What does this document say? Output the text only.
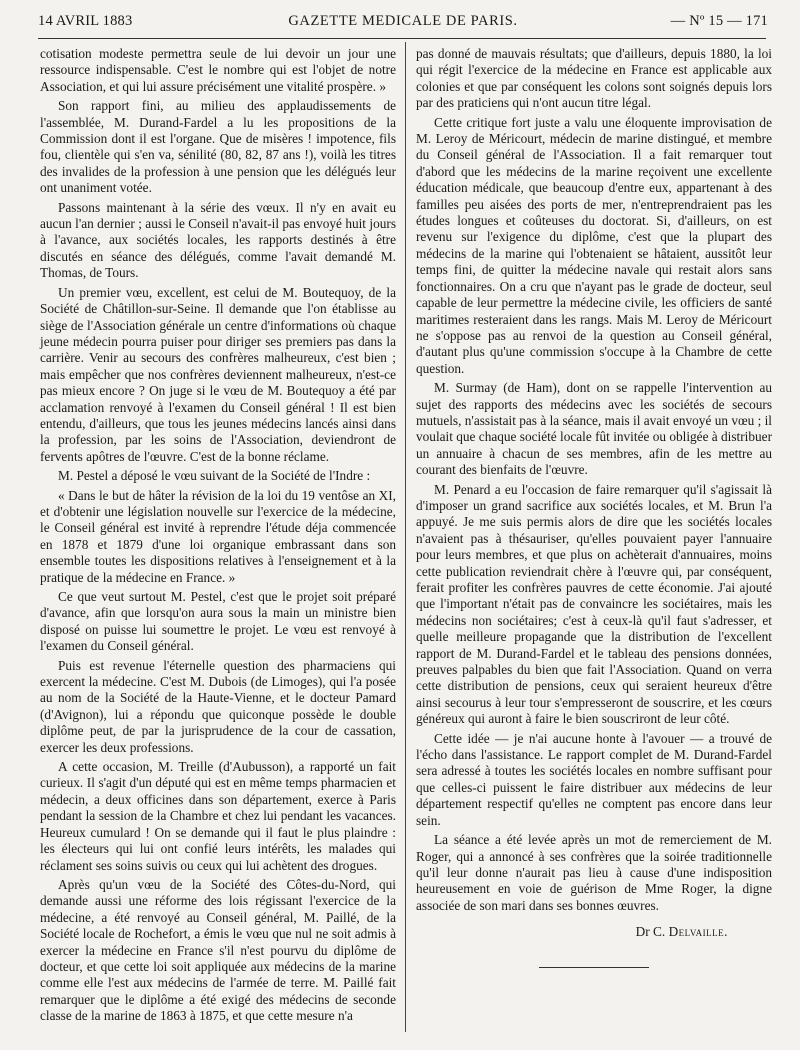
14 AVRIL 1883	GAZETTE MEDICALE DE PARIS.	— Nº 15 — 171

cotisation modeste permettra seule de lui devoir un jour une ressource indispensable. C'est le nombre qui est l'objet de notre Association, et qui lui assure précisément une vitalité prospère. »

Son rapport fini, au milieu des applaudissements de l'assemblée, M. Durand-Fardel a lu les propositions de la Commission dont il est l'organe. Que de misères ! impotence, fils fou, clientèle qui s'en va, sénilité (80, 82, 87 ans !), voilà les titres des invalides de la profession à une pension que les délégués leur ont unaniment votée.

Passons maintenant à la série des vœux. Il n'y en avait eu aucun l'an dernier ; aussi le Conseil n'avait-il pas envoyé huit jours à l'avance, aux sociétés locales, les rapports destinés à être discutés en séance des délégués, comme l'avait demandé M. Thomas, de Tours.

Un premier vœu, excellent, est celui de M. Boutequoy, de la Société de Châtillon-sur-Seine. Il demande que l'on établisse au siège de l'Association générale un centre d'informations où chaque jeune médecin pourra puiser pour diriger ses premiers pas dans la carrière. Venir au secours des confrères malheureux, c'est bien ; mais empêcher que nos confrères deviennent malheureux, n'est-ce pas mieux encore ? On juge si le vœu de M. Boutequoy a été par acclamation renvoyé à l'examen du Conseil général ! Il est bien entendu, d'ailleurs, que tous les jeunes médecins lancés ainsi dans la profession, par les soins de l'Association, deviendront de fervents apôtres de l'œuvre. C'est de la bonne réclame.

M. Pestel a déposé le vœu suivant de la Société de l'Indre :

« Dans le but de hâter la révision de la loi du 19 ventôse an XI, et d'obtenir une législation nouvelle sur l'exercice de la médecine, le Conseil général est invité à reprendre l'étude déja commencée en 1878 et 1879 d'une loi organique embrassant dans son ensemble toutes les dispositions relatives à l'enseignement et à la pratique de la médecine en France. »

Ce que veut surtout M. Pestel, c'est que le projet soit préparé d'avance, afin que lorsqu'on aura sous la main un ministre bien disposé on puisse lui soumettre le projet. Le vœu est renvoyé à l'examen du Conseil général.

Puis est revenue l'éternelle question des pharmaciens qui exercent la médecine. C'est M. Dubois (de Limoges), qui l'a posée au nom de la Société de la Haute-Vienne, et le docteur Pamard (d'Avignon), lui a répondu que quiconque possède le double diplôme peut, de par la jurisprudence de la cour de cassation, exercer les deux professions.

A cette occasion, M. Treille (d'Aubusson), a rapporté un fait curieux. Il s'agit d'un député qui est en même temps pharmacien et médecin, a deux officines dans son département, exerce à Paris pendant la session de la Chambre et chez lui pendant les vacances. Heureux cumulard ! On se demande qui il faut le plus plaindre : les électeurs qui lui ont confié leurs intérêts, les malades qui réclament ses soins suivis ou ceux qui lui achètent des drogues.

Après qu'un vœu de la Société des Côtes-du-Nord, qui demande aussi une réforme des lois régissant l'exercice de la médecine, a été renvoyé au Conseil général, M. Paillé, de la Société locale de Rochefort, a émis le vœu que nul ne soit admis à exercer la médecine en France s'il n'est pourvu du diplôme de docteur, et que cette loi soit appliquée aux médecins de la marine comme elle l'est aux médecins de l'armée de terre. M. Paillé fait remarquer que le diplôme a été exigé des médecins de seconde classe de la marine de 1863 à 1875, et que cette mesure n'a

pas donné de mauvais résultats; que d'ailleurs, depuis 1880, la loi qui régit l'exercice de la médecine en France est applicable aux colonies et que par conséquent les colons sont soignés depuis lors par des praticiens qui n'ont aucun titre légal.

Cette critique fort juste a valu une éloquente improvisation de M. Leroy de Méricourt, médecin de marine distingué, et membre du Conseil général de l'Association. Il a fait remarquer tout d'abord que les médecins de la marine reçoivent une excellente éducation médicale, que beaucoup d'entre eux, appartenant à des familles peu aisées des ports de mer, n'entreprendraient pas les études longues et coûteuses du doctorat. Si, d'ailleurs, on est revenu sur l'exigence du diplôme, c'est que la plupart des médecins de la marine qui l'obtenaient se hâtaient, aussitôt leur temps fini, de quitter la médecine navale qui restait alors sans fonctionnaires. On a cru que n'ayant pas le grade de docteur, seul capable de leur permettre la médecine civile, les officiers de santé maritimes resteraient dans les rangs. Mais M. Leroy de Méricourt ne s'oppose pas au renvoi de la question au Conseil général, d'autant plus qu'une commission s'occupe à la Chambre de cette question.

M. Surmay (de Ham), dont on se rappelle l'intervention au sujet des rapports des médecins avec les sociétés de secours mutuels, n'assistait pas à la séance, mais il avait envoyé un vœu ; il voulait que chaque société locale fût invitée ou obligée à distribuer un annuaire à chacun de ses membres, afin de les mettre au courant des bienfaits de l'œuvre.

M. Penard a eu l'occasion de faire remarquer qu'il s'agissait là d'imposer un grand sacrifice aux sociétés locales, et M. Brun l'a appuyé. Je me suis permis alors de dire que les sociétés locales n'avaient pas à thésauriser, qu'elles pouvaient payer l'annuaire pour leurs membres, et que plus on achèterait d'annuaires, moins cette publication reviendrait chère à l'œuvre qui, par conséquent, ferait profiter les confrères pauvres de cette économie. J'ai ajouté que l'important n'était pas de convaincre les sociétaires, mais les médecins non sociétaires; c'est à ceux-là qu'il faut s'adresser, et quelle meilleure propagande que la distribution de l'excellent rapport de M. Durand-Fardel et le tableau des pensions données, preuves palpables du bien que fait l'Association. Quand on verra cette distribution de pensions, ceux qui seraient heureux d'être ainsi secourus à leur tour s'empresseront de souscrire, et les cœurs généreux qui auront à faire le bien souscriront de leur côté.

Cette idée — je n'ai aucune honte à l'avouer — a trouvé de l'écho dans l'assistance. Le rapport complet de M. Durand-Fardel sera adressé à toutes les sociétés locales en nombre suffisant pour que celles-ci puissent le faire distribuer aux médecins de leur département respectif qu'elles ne comptent pas encore dans leur sein.

La séance a été levée après un mot de remerciement de M. Roger, qui a annoncé à ses confrères que la soirée traditionnelle qu'il leur donne n'aurait pas lieu à cause d'une indisposition heureusement en voie de guérison de Mme Roger, la digne associée de son mari dans ses bonnes œuvres.

Dr C. Delvaille.
